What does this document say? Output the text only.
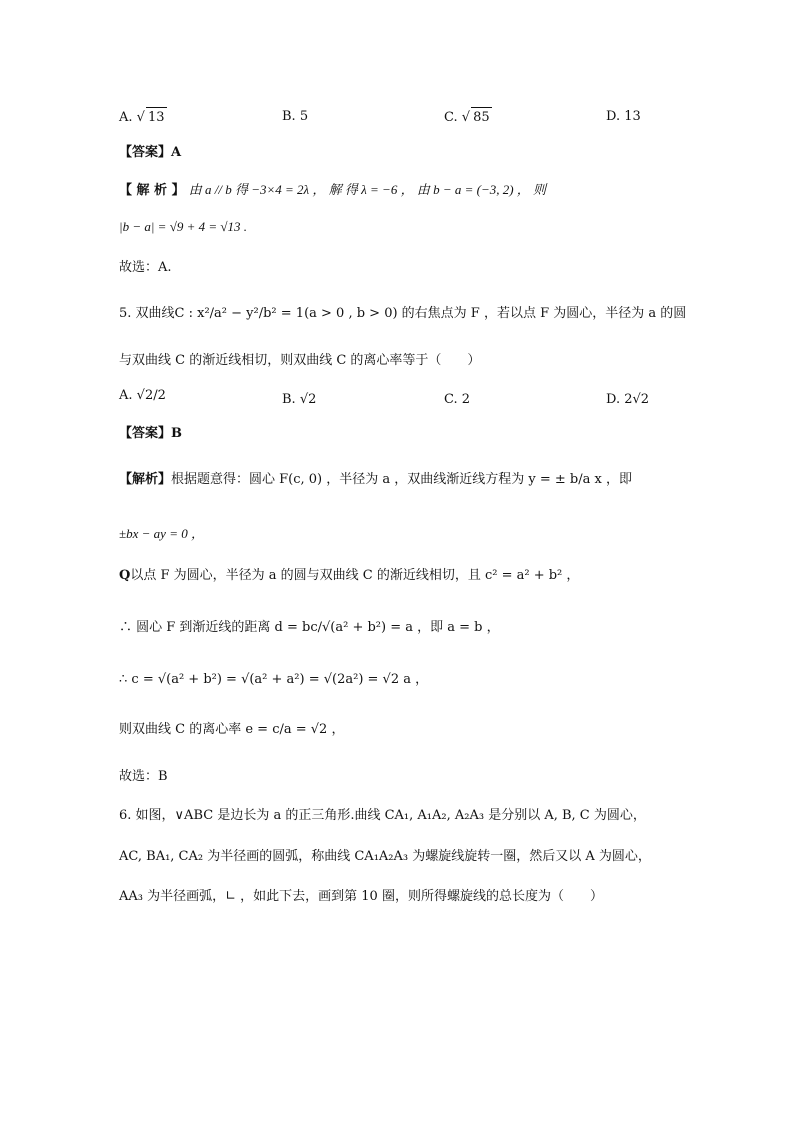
A. √ 13	B. 5	C. √ 85	D. 13
【答案】A
【 解 析 】 由 a // b 得 −3×4 = 2λ ， 解 得 λ = −6 ， 由 b − a = (−3, 2) ， 则
|b − a| = √9 + 4 = √13 .
故选：A.
5. 双曲线C : x²/a² − y²/b² = 1(a > 0 , b > 0) 的右焦点为 F ，若以点 F 为圆心，半径为 a 的圆
与双曲线 C 的渐近线相切，则双曲线 C 的离心率等于（　　）
A. √2/2	B. √2	C. 2	D. 2√2
【答案】B
【解析】根据题意得：圆心 F(c, 0) ，半径为 a ，双曲线渐近线方程为 y = ± b/a x ，即
±bx − ay = 0 ，
Q以点 F 为圆心，半径为 a 的圆与双曲线 C 的渐近线相切，且 c² = a² + b² ，
∴ 圆心 F 到渐近线的距离 d = bc/√(a² + b²) = a ，即 a = b ，
∴ c = √(a² + b²) = √(a² + a²) = √(2a²) = √2 a ，
则双曲线 C 的离心率 e = c/a = √2 ，
故选：B
6. 如图，∨ABC 是边长为 a 的正三角形.曲线 CA₁, A₁A₂, A₂A₃ 是分别以 A, B, C 为圆心，
AC, BA₁, CA₂ 为半径画的圆弧，称曲线 CA₁A₂A₃ 为螺旋线旋转一圈，然后又以 A 为圆心，
AA₃ 为半径画弧，∟ ，如此下去，画到第 10 圈，则所得螺旋线的总长度为（　　）
